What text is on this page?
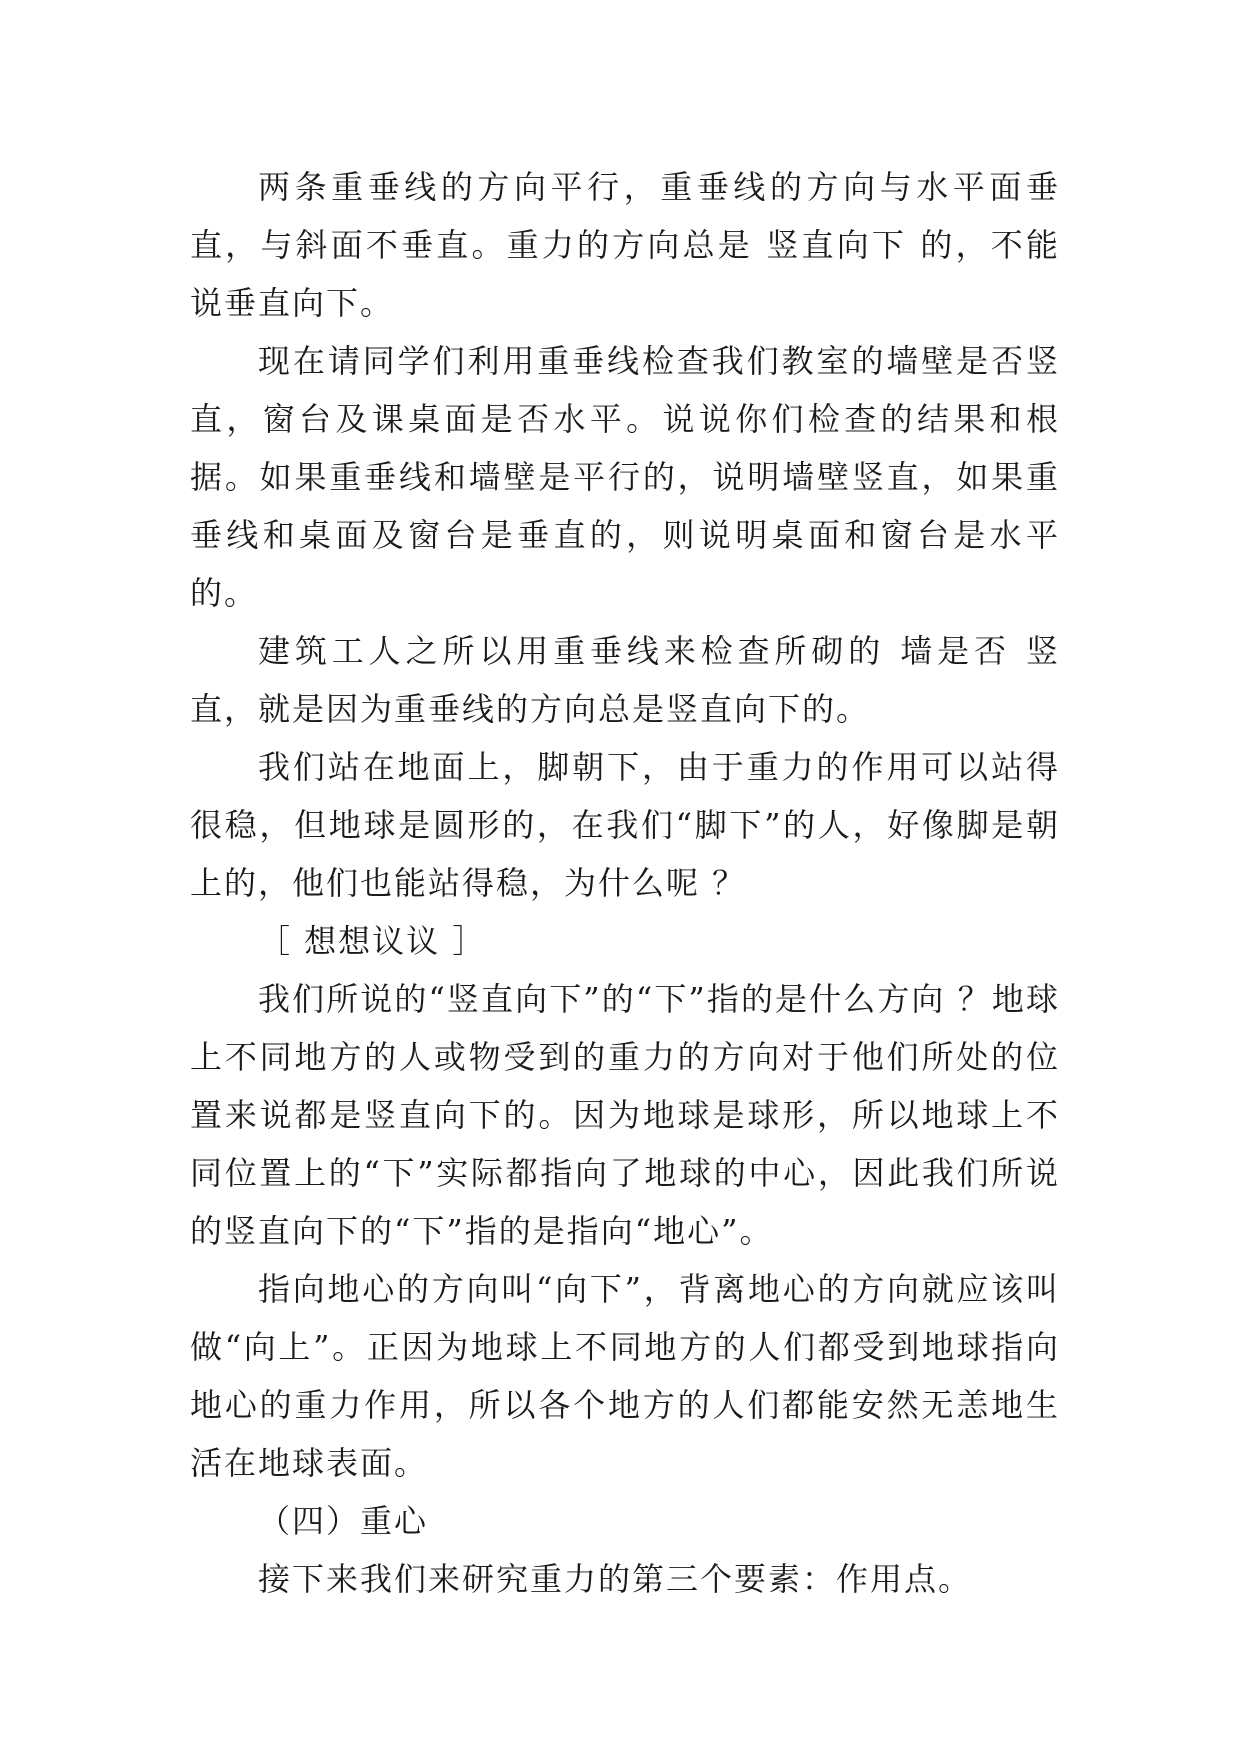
两条重垂线的方向平行，重垂线的方向与水平面垂直，与斜面不垂直。重力的方向总是 竖直向下 的，不能说垂直向下。

现在请同学们利用重垂线检查我们教室的墙壁是否竖直，窗台及课桌面是否水平。说说你们检查的结果和根据。如果重垂线和墙壁是平行的，说明墙壁竖直，如果重垂线和桌面及窗台是垂直的，则说明桌面和窗台是水平的。

建筑工人之所以用重垂线来检查所砌的 墙是否 竖直，就是因为重垂线的方向总是竖直向下的。

我们站在地面上，脚朝下，由于重力的作用可以站得很稳，但地球是圆形的，在我们“脚下”的人，好像脚是朝上的，他们也能站得稳，为什么呢 ？

［ 想想议议 ］

我们所说的“竖直向下”的“下”指的是什么方向 ？地球上不同地方的人或物受到的重力的方向对于他们所处的位置来说都是竖直向下的。因为地球是球形，所以地球上不同位置上的“下”实际都指向了地球的中心，因此我们所说的竖直向下的“下”指的是指向“地心”。

指向地心的方向叫“向下”，背离地心的方向就应该叫做“向上”。正因为地球上不同地方的人们都受到地球指向地心的重力作用，所以各个地方的人们都能安然无恙地生活在地球表面。

（四）重心

接下来我们来研究重力的第三个要素：作用点。
